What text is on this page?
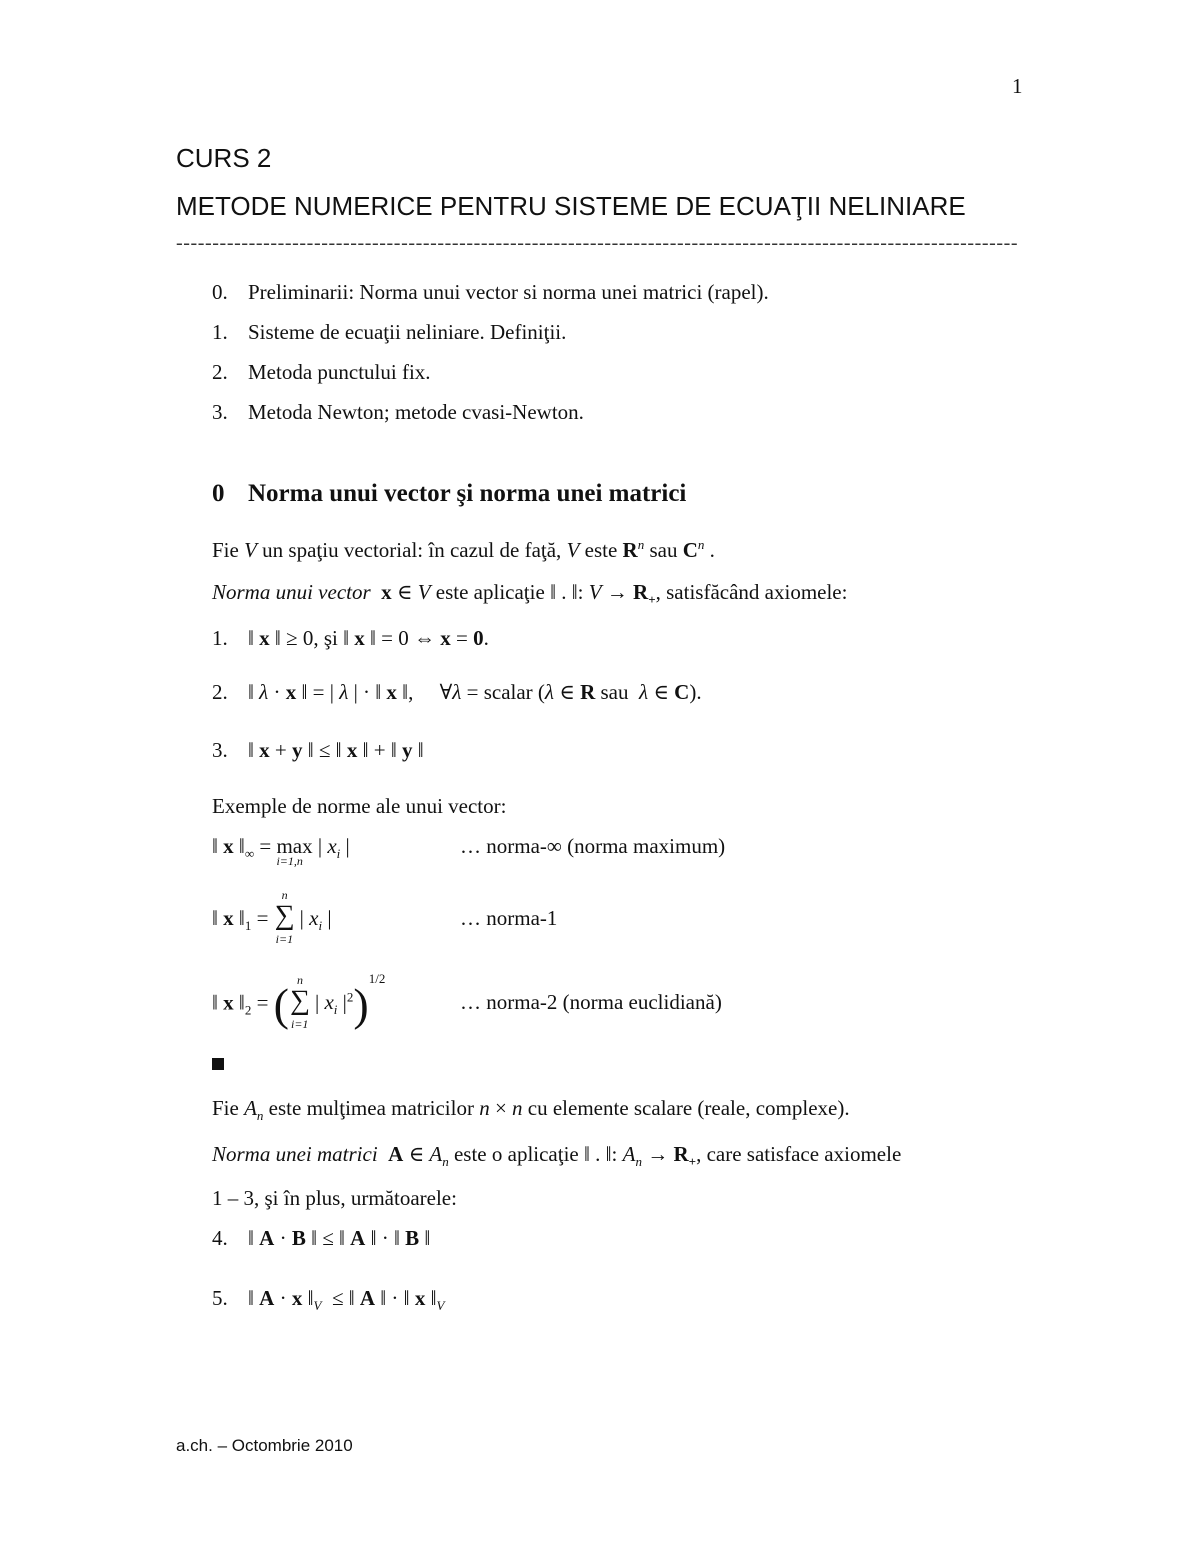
1
CURS 2
METODE NUMERICE PENTRU SISTEME DE ECUAŢII NELINIARE
--------------------------------------------------------------------------------------------------------------------
0. Preliminarii: Norma unui vector si norma unei matrici (rapel).
1. Sisteme de ecuaţii neliniare. Definiţii.
2. Metoda punctului fix.
3. Metoda Newton; metode cvasi-Newton.
0 Norma unui vector şi norma unei matrici
Fie V un spaţiu vectorial: în cazul de faţă, V este $R^n$ sau $C^n$ .
Norma unui vector x ∈ V este aplicaţie ‖ . ‖: $V \to R_+$, satisfăcând axiomele:
1. ‖ x ‖ ≥ 0, şi ‖ x ‖ = 0 ⇔ x = 0.
2. ‖ λ · x ‖ = | λ | · ‖ x ‖,     ∀λ = scalar (λ ∈ R sau  λ ∈ C).
3. ‖ x + y ‖ ≤ ‖ x ‖ + ‖ y ‖
Exemple de norme ale unui vector:
‖ x $‖_\infty = \max$
i=1,n
| $x_i$ |	… norma-∞ (norma maximum)
‖ x $‖_1$ = ∑
n
i=1
| $x_i$ |	… norma-1
‖ x $‖_2$ = ( ∑
n
i=1
| $x_i$ $|^2)^{1/2}$
… norma-2 (norma euclidiană)
Fie $A_n$ este mulţimea matricilor n × n cu elemente scalare (reale, complexe).
Norma unei matrici A ∈ $A_n$ este o aplicaţie ‖ . ‖: $A_n \to R_+$, care satisface axiomele
1 – 3, şi în plus, următoarele:
4. ‖ A · B ‖ ≤ ‖ A ‖ · ‖ B ‖
5. ‖ A · x $‖_V$  ≤ ‖ A ‖ · ‖ x $‖_V$
a.ch. – Octombrie 2010
